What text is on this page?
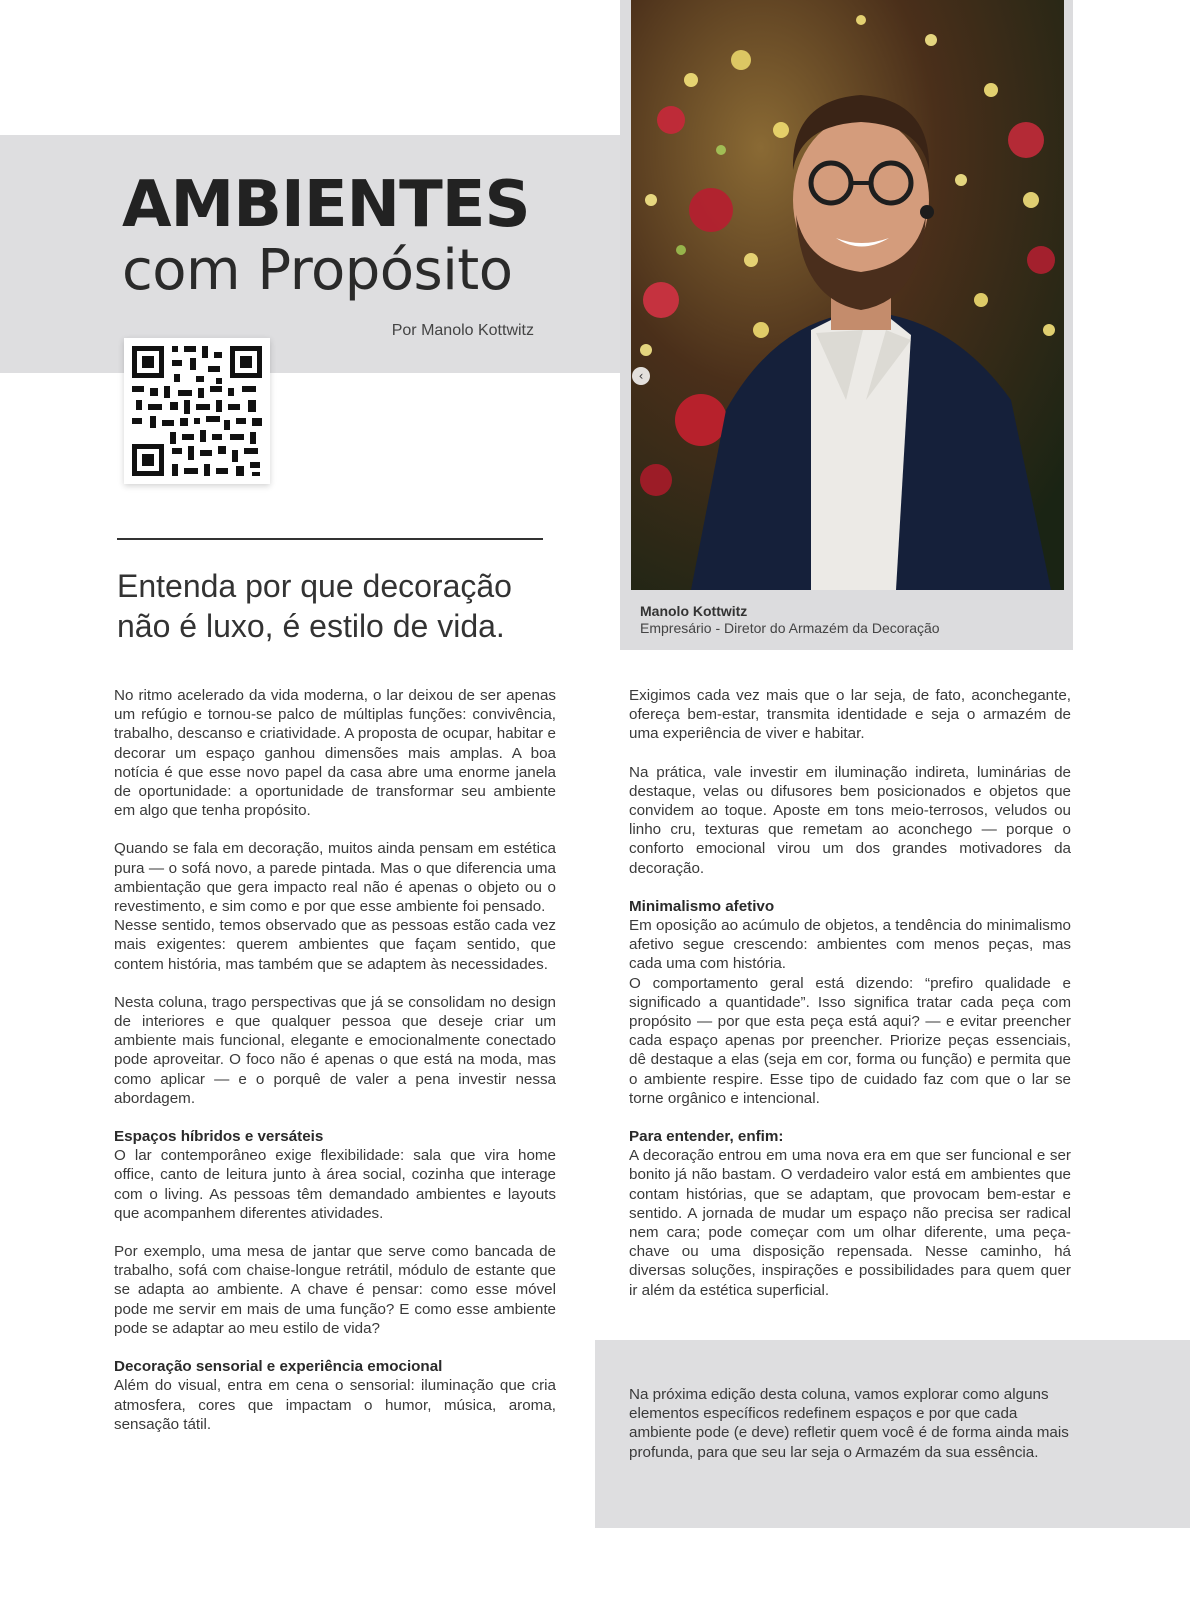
‹
Manolo Kottwitz
Empresário - Diretor do Armazém da Decoração
AMBIENTES
com Propósito
Por Manolo Kottwitz
Entenda por que decoração não é luxo, é estilo de vida.

No ritmo acelerado da vida moderna, o lar deixou de ser apenas um refúgio e tornou-se palco de múltiplas funções: convivência, trabalho, descanso e criatividade. A proposta de ocupar, habitar e decorar um espaço ganhou dimensões mais amplas. A boa notícia é que esse novo papel da casa abre uma enorme janela de oportunidade: a oportunidade de transformar seu ambiente em algo que tenha propósito.

Quando se fala em decoração, muitos ainda pensam em estética pura — o sofá novo, a parede pintada. Mas o que diferencia uma ambientação que gera impacto real não é apenas o objeto ou o revestimento, e sim como e por que esse ambiente foi pensado.

Nesse sentido, temos observado que as pessoas estão cada vez mais exigentes: querem ambientes que façam sentido, que contem história, mas também que se adaptem às necessidades.

Nesta coluna, trago perspectivas que já se consolidam no design de interiores e que qualquer pessoa que deseje criar um ambiente mais funcional, elegante e emocionalmente conectado pode aproveitar. O foco não é apenas o que está na moda, mas como aplicar — e o porquê de valer a pena investir nessa abordagem.

Espaços híbridos e versáteis

O lar contemporâneo exige flexibilidade: sala que vira home office, canto de leitura junto à área social, cozinha que interage com o living. As pessoas têm demandado ambientes e layouts que acompanhem diferentes atividades.

Por exemplo, uma mesa de jantar que serve como bancada de trabalho, sofá com chaise-longue retrátil, módulo de estante que se adapta ao ambiente. A chave é pensar: como esse móvel pode me servir em mais de uma função? E como esse ambiente pode se adaptar ao meu estilo de vida?

Decoração sensorial e experiência emocional

Além do visual, entra em cena o sensorial: iluminação que cria atmosfera, cores que impactam o humor, música, aroma, sensação tátil.

Exigimos cada vez mais que o lar seja, de fato, aconchegante, ofereça bem-estar, transmita identidade e seja o armazém de uma experiência de viver e habitar.

Na prática, vale investir em iluminação indireta, luminárias de destaque, velas ou difusores bem posicionados e objetos que convidem ao toque. Aposte em tons meio-terrosos, veludos ou linho cru, texturas que remetam ao aconchego — porque o conforto emocional virou um dos grandes motivadores da decoração.

Minimalismo afetivo

Em oposição ao acúmulo de objetos, a tendência do minimalismo afetivo segue crescendo: ambientes com menos peças, mas cada uma com história.

O comportamento geral está dizendo: “prefiro qualidade e significado a quantidade”. Isso significa tratar cada peça com propósito — por que esta peça está aqui? — e evitar preencher cada espaço apenas por preencher. Priorize peças essenciais, dê destaque a elas (seja em cor, forma ou função) e permita que o ambiente respire. Esse tipo de cuidado faz com que o lar se torne orgânico e intencional.

Para entender, enfim:

A decoração entrou em uma nova era em que ser funcional e ser bonito já não bastam. O verdadeiro valor está em ambientes que contam histórias, que se adaptam, que provocam bem-estar e sentido. A jornada de mudar um espaço não precisa ser radical nem cara; pode começar com um olhar diferente, uma peça-chave ou uma disposição repensada. Nesse caminho, há diversas soluções, inspirações e possibilidades para quem quer ir além da estética superficial.

Na próxima edição desta coluna, vamos explorar como alguns elementos específicos redefinem espaços e por que cada ambiente pode (e deve) refletir quem você é de forma ainda mais profunda, para que seu lar seja o Armazém da sua essência.
